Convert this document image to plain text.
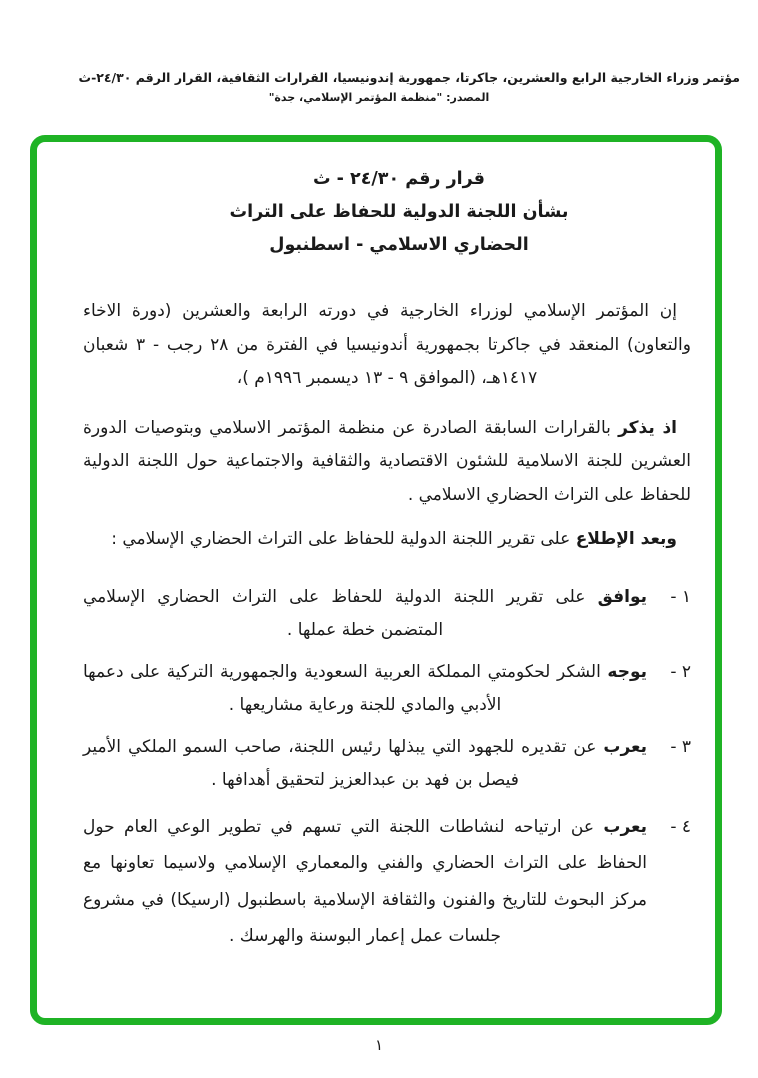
مؤتمر وزراء الخارجية الرابع والعشرين، جاكرتا، جمهورية إندونيسيا، القرارات الثقافية، القرار الرقم ٢٤/٣٠-ث
المصدر: "منظمة المؤتمر الإسلامي، جدة"
قرار رقم ٢٤/٣٠ - ث
بشأن اللجنة الدولية للحفاظ على التراث
الحضاري الاسلامي - اسطنبول

إن المؤتمر الإسلامي لوزراء الخارجية في دورته الرابعة والعشرين (دورة الاخاء والتعاون) المنعقد في جاكرتا بجمهورية أندونيسيا في الفترة من ٢٨ رجب - ٣ شعبان ١٤١٧هـ، (الموافق ٩ - ١٣ ديسمبر ١٩٩٦م )،

اذ يذكر بالقرارات السابقة الصادرة عن منظمة المؤتمر الاسلامي وبتوصيات الدورة العشرين للجنة الاسلامية للشئون الاقتصادية والثقافية والاجتماعية حول اللجنة الدولية للحفاظ على التراث الحضاري الاسلامي .

وبعد الإطلاع على تقرير اللجنة الدولية للحفاظ على التراث الحضاري الإسلامي :

١ -
يوافق على تقرير اللجنة الدولية للحفاظ على التراث الحضاري الإسلامي المتضمن خطة عملها .
٢ -
يوجه الشكر لحكومتي المملكة العربية السعودية والجمهورية التركية على دعمها الأدبي والمادي للجنة ورعاية مشاريعها .
٣ -
يعرب عن تقديره للجهود التي يبذلها رئيس اللجنة، صاحب السمو الملكي الأمير فيصل بن فهد بن عبدالعزيز لتحقيق أهدافها .
٤ -
يعرب عن ارتياحه لنشاطات اللجنة التي تسهم في تطوير الوعي العام حول الحفاظ على التراث الحضاري والفني والمعماري الإسلامي ولاسيما تعاونها مع مركز البحوث للتاريخ والفنون والثقافة الإسلامية باسطنبول (ارسيكا) في مشروع جلسات عمل إعمار البوسنة والهرسك .
١
